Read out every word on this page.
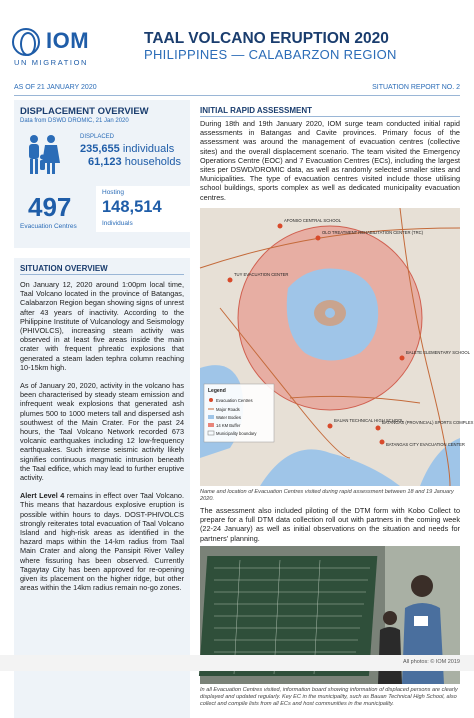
IOM
UN MIGRATION
TAAL VOLCANO ERUPTION 2020
PHILIPPINES — CALABARZON REGION
AS OF 21 JANUARY 2020	SITUATION REPORT NO. 2
DISPLACEMENT OVERVIEW
Data from DSWD DROMIC, 21 Jan 2020
DISPLACED
235,655 individuals
61,123 households
497
Evacuation Centres
Hosting
148,514
Individuals
SITUATION OVERVIEW

On January 12, 2020 around 1:00pm local time, Taal Volcano located in the province of Batangas, Calabarzon Region began showing signs of unrest after 43 years of inactivity. According to the Philippine Institute of Vulcanology and Seismology (PHIVOLCS), increasing steam activity was observed in at least five areas inside the main crater with frequent phreatic explosions that generated a steam laden tephra column reaching 10-15km high.

As of January 20, 2020, activity in the volcano has been characterised by steady steam emission and infrequent weak explosions that generated ash plumes 500 to 1000 meters tall and dispersed ash southwest of the Main Crater. For the past 24 hours, the Taal Volcano Network recorded 673 volcanic earthquakes including 12 low-frequency earthquakes. Such intense seismic activity likely signifies continuous magmatic intrusion beneath the Taal edifice, which may lead to further eruptive activity.

Alert Level 4 remains in effect over Taal Volcano. This means that hazardous explosive eruption is possible within hours to days. DOST-PHIVOLCS strongly reiterates total evacuation of Taal Volcano Island and high-risk areas as identified in the hazard maps within the 14-km radius from Taal Main Crater and along the Pansipit River Valley where fissuring has been observed. Currently Tagaytay City has been approved for re-opening given its placement on the higher ridge, but other areas within the 14km radius remain no-go zones.

INITIAL RAPID ASSESSMENT
During 18th and 19th January 2020, IOM surge team conducted initial rapid assessments in Batangas and Cavite provinces. Primary focus of the assessment was around the management of evacuation centres (collective sites) and the overall displacement scenario. The team visited the Emergency Operations Centre (EOC) and 7 Evacuation Centres (ECs), including the largest sites per DSWD/DROMIC data, as well as randomly selected smaller sites and Municipalities. The type of evacuation centres visited include those utilising school buildings, sports complex as well as dedicated municipality evacuation centres.
AFONSO CENTRAL SCHOOL
OLO TREATMENT REHABILITATION CENTER (TRC)
TUY EVACUATION CENTER
BALETE ELEMENTARY SCHOOL
BAUAN TECHNICAL HIGH SCHOOL
BATANGAS (PROVINCIAL) SPORTS COMPLEX
BATANGAS CITY EVACUATION CENTER
Legend
Evacuation Centres
Major Roads
Water Bodies
14 KM Buffer
Municipality boundary
Name and location of Evacuation Centres visited during rapid assessment between 18 and 19 January 2020.
The assessment also included piloting of the DTM form with Kobo Collect to prepare for a full DTM data collection roll out with partners in the coming week (22-24 January) as well as initial observations on the situation and needs for partners' planning.
In all Evacuation Centres visited, information board showing information of displaced persons are clearly displayed and updated regularly. Key EC in the municipality, such as Bauan Technical High School, also collect and compile lists from all ECs and host communities in the municipality.
All photos: © IOM 2019
